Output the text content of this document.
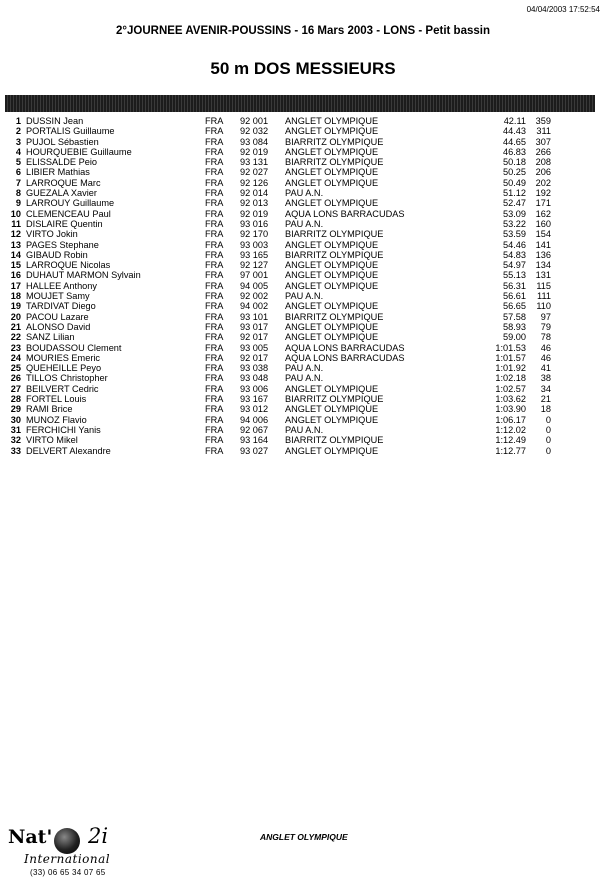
04/04/2003 17:52:54
2°JOURNEE AVENIR-POUSSINS - 16 Mars 2003 - LONS - Petit bassin
50 m DOS MESSIEURS
1 DUSSIN Jean	FRA 92 001 ANGLET OLYMPIQUE	42.11	359
2 PORTALIS Guillaume	FRA 92 032 ANGLET OLYMPIQUE	44.43	311
3 PUJOL Sébastien	FRA 93 084 BIARRITZ OLYMPIQUE	44.65	307
4 HOURQUEBIE Guillaume	FRA 92 019 ANGLET OLYMPIQUE	46.83	266
5 ELISSALDE Peio	FRA 93 131 BIARRITZ OLYMPIQUE	50.18	208
6 LIBIER Mathias	FRA 92 027 ANGLET OLYMPIQUE	50.25	206
7 LARROQUE Marc	FRA 92 126 ANGLET OLYMPIQUE	50.49	202
8 GUEZALA Xavier	FRA 92 014 PAU A.N.	51.12	192
9 LARROUY Guillaume	FRA 92 013 ANGLET OLYMPIQUE	52.47	171
10 CLEMENCEAU Paul	FRA 92 019 AQUA LONS BARRACUDAS	53.09	162
11 DISLAIRE Quentin	FRA 93 016 PAU A.N.	53.22	160
12 VIRTO Jokin	FRA 92 170 BIARRITZ OLYMPIQUE	53.59	154
13 PAGES Stephane	FRA 93 003 ANGLET OLYMPIQUE	54.46	141
14 GIBAUD Robin	FRA 93 165 BIARRITZ OLYMPIQUE	54.83	136
15 LARROQUE Nicolas	FRA 92 127 ANGLET OLYMPIQUE	54.97	134
16 DUHAUT MARMON Sylvain	FRA 97 001 ANGLET OLYMPIQUE	55.13	131
17 HALLEE Anthony	FRA 94 005 ANGLET OLYMPIQUE	56.31	115
18 MOUJET Samy	FRA 92 002 PAU A.N.	56.61	111
19 TARDIVAT Diego	FRA 94 002 ANGLET OLYMPIQUE	56.65	110
20 PACOU Lazare	FRA 93 101 BIARRITZ OLYMPIQUE	57.58	97
21 ALONSO David	FRA 93 017 ANGLET OLYMPIQUE	58.93	79
22 SANZ Lilian	FRA 92 017 ANGLET OLYMPIQUE	59.00	78
23 BOUDASSOU Clement	FRA 93 005 AQUA LONS BARRACUDAS	1:01.53	46
24 MOURIES Emeric	FRA 92 017 AQUA LONS BARRACUDAS	1:01.57	46
25 QUEHEILLE Peyo	FRA 93 038 PAU A.N.	1:01.92	41
26 TILLOS Christopher	FRA 93 048 PAU A.N.	1:02.18	38
27 BEILVERT Cedric	FRA 93 006 ANGLET OLYMPIQUE	1:02.57	34
28 FORTEL Louis	FRA 93 167 BIARRITZ OLYMPIQUE	1:03.62	21
29 RAMI Brice	FRA 93 012 ANGLET OLYMPIQUE	1:03.90	18
30 MUNOZ Flavio	FRA 94 006 ANGLET OLYMPIQUE	1:06.17	0
31 FERCHICHI Yanis	FRA 92 067 PAU A.N.	1:12.02	0
32 VIRTO Mikel	FRA 93 164 BIARRITZ OLYMPIQUE	1:12.49	0
33 DELVERT Alexandre	FRA 93 027 ANGLET OLYMPIQUE	1:12.77	0
Nat' 2i
International
(33) 06 65 34 07 65
ANGLET OLYMPIQUE
